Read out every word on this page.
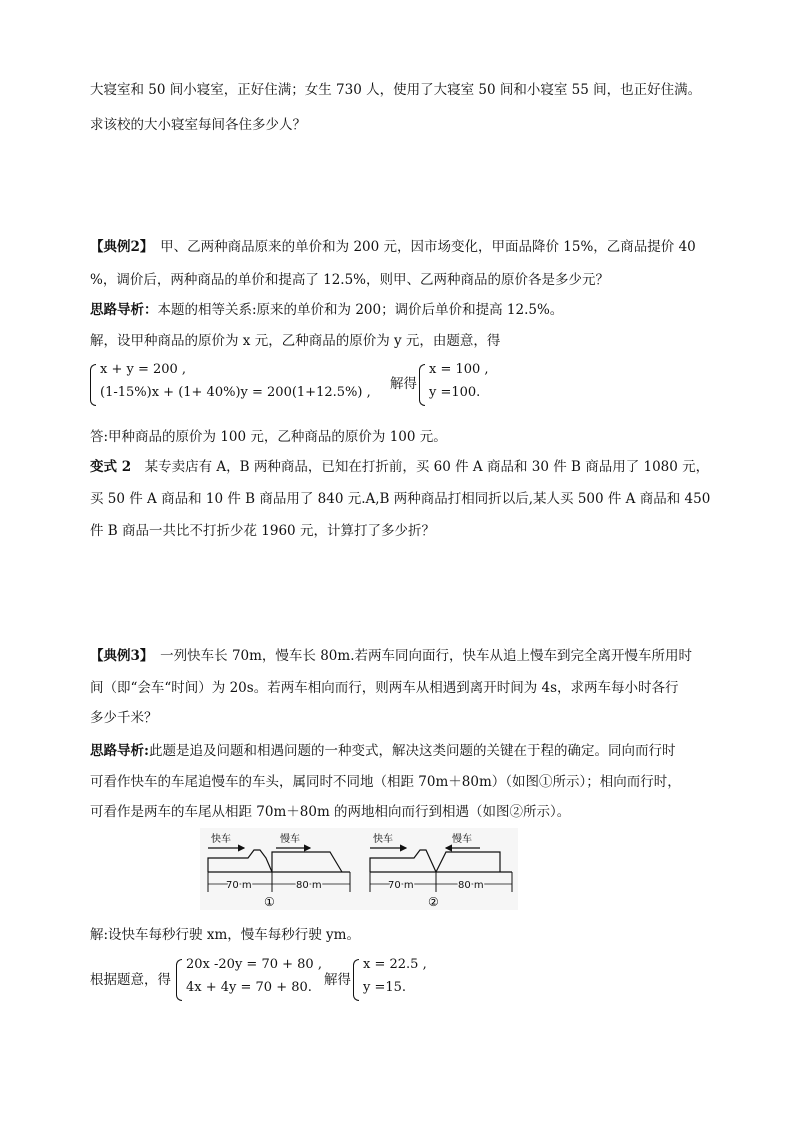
大寝室和 50 间小寝室，正好住满；女生 730 人，使用了大寝室 50 间和小寝室 55 间，也正好住满。
求该校的大小寝室每间各住多少人？
【典例2】　甲、乙两种商品原来的单价和为 200 元，因市场变化，甲面品降价 15%，乙商品提价 40
%，调价后，两种商品的单价和提高了 12.5%，则甲、乙两种商品的原价各是多少元？
思路导析：本题的相等关系:原来的单价和为 200；调价后单价和提高 12.5%。
解，设甲种商品的原价为 x 元，乙种商品的原价为 y 元，由题意，得
x + y = 200 ,
(1-15%)x + (1+ 40%)y = 200(1+12.5%) ,
解得
x = 100 ,
y =100.
答:甲种商品的原价为 100 元，乙种商品的原价为 100 元。
变式 2　某专卖店有 A，B 两种商品，已知在打折前，买 60 件 A 商品和 30 件 B 商品用了 1080 元，
买 50 件 A 商品和 10 件 B 商品用了 840 元.A,B 两种商品打相同折以后,某人买 500 件 A 商品和 450
件 B 商品一共比不打折少花 1960 元，计算打了多少折？
【典例3】　一列快车长 70m，慢车长 80m.若两车同向面行，快车从追上慢车到完全离开慢车所用时
间（即“会车“时间）为 20s。若两车相向而行，则两车从相遇到离开时间为 4s，求两车每小时各行
多少千米？
思路导析:此题是追及问题和相遇问题的一种变式，解决这类问题的关键在于程的确定。同向而行时
可看作快车的车尾追慢车的车头，属同时不同地（相距 70m＋80m）（如图①所示）；相向而行时，
可看作是两车的车尾从相距 70m＋80m 的两地相向而行到相遇（如图②所示）。
快车	慢车
70 m	80 m
①
快车	慢车
70 m	80 m
②
解:设快车每秒行驶 xm，慢车每秒行驶 ym。
根据题意，得
20x -20y = 70 + 80 ,
4x + 4y = 70 + 80. 解得
x = 22.5 ,
y =15.
